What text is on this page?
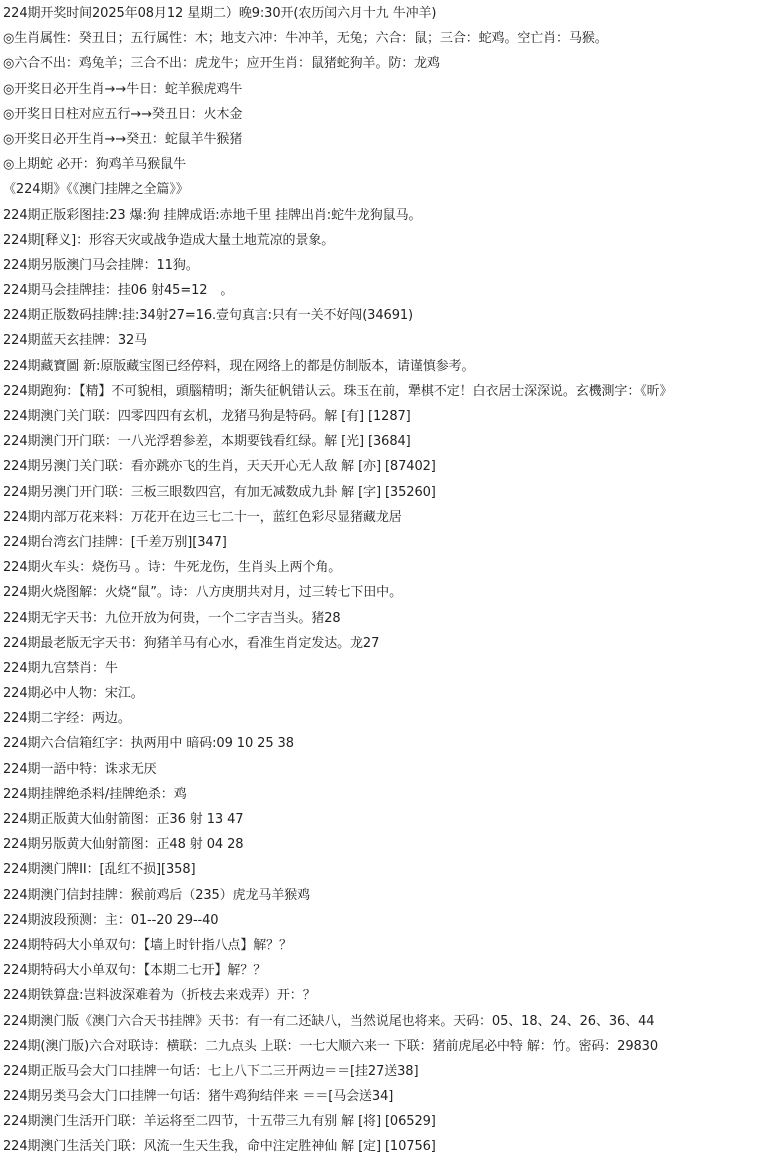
224期开奖时间2025年08月12 星期二）晚9:30开(农历闰六月十九 牛冲羊)
◎生肖属性：癸丑日；五行属性：木；地支六冲：牛冲羊，无兔；六合：鼠；三合：蛇鸡。空亡肖：马猴。
◎六合不出：鸡兔羊；三合不出：虎龙牛；应开生肖：鼠猪蛇狗羊。防：龙鸡
◎开奖日必开生肖→→牛日：蛇羊猴虎鸡牛
◎开奖日日柱对应五行→→癸丑日：火木金
◎开奖日必开生肖→→癸丑：蛇鼠羊牛猴猪
◎上期蛇 必开：狗鸡羊马猴鼠牛
《224期》《《澳门挂牌之全篇》》
224期正版彩图挂:23 爆:狗 挂牌成语:赤地千里 挂牌出肖:蛇牛龙狗鼠马。
224期[释义]：形容天灾或战争造成大量土地荒凉的景象。
224期另版澳门马会挂牌：11狗。
224期马会挂牌挂：挂06 射45=12　。
224期正版数码挂牌:挂:34射27=16.壹句真言:只有一关不好闯(34691)
224期蓝天玄挂牌：32马
224期藏寶圖 新:原版藏宝图已经停料，现在网络上的都是仿制版本，请谨慎参考。
224期跑狗：【精】不可貌相，頭腦精明；渐失征帆错认云。珠玉在前，犟棋不定！白衣居士深深说。玄機測字：《昕》
224期澳门关门联：四零四四有玄机，龙猪马狗是特码。解 [有] [1287]
224期澳门开门联：一八光浮碧参差，本期要钱看红绿。解 [光] [3684]
224期另澳门关门联：看亦跳亦飞的生肖，天天开心无人敌 解 [亦] [87402]
224期另澳门开门联：三板三眼数四宫，有加无减数成九卦 解 [字] [35260]
224期内部万花来料：万花开在边三七二十一，蓝红色彩尽显猪藏龙居
224期台湾玄门挂牌：[千差万别][347]
224期火车头：烧伤马 。诗：牛死龙伤，生肖头上两个角。
224期火烧图解：火烧“鼠”。诗：八方庚朋共对月，过三转七下田中。
224期无字天书：九位开放为何贵，一个二字吉当头。猪28
224期最老版无字天书：狗猪羊马有心水，看准生肖定发达。龙27
224期九宫禁肖：牛
224期必中人物：宋江。
224期二字经：两边。
224期六合信箱红字：执两用中 暗码:09 10 25 38
224期一語中特：诛求无厌
224期挂牌绝杀料/挂牌绝杀：鸡
224期正版黄大仙射箭图：正36 射 13 47
224期另版黄大仙射箭图：正48 射 04 28
224期澳门牌II：[乱红不损][358]
224期澳门信封挂牌：猴前鸡后（235）虎龙马羊猴鸡
224期波段预测：主：01--20 29--40
224期特码大小单双句：【墙上时针指八点】解？？
224期特码大小单双句：【本期二七开】解？？
224期铁算盘:岂料波深难着为（折枝去来戏弄）开：？
224期澳门版《澳门六合天书挂牌》天书：有一有二还缺八，当然说尾也将来。天码：05、18、24、26、36、44
224期(澳门版)六合对联诗：横联：二九点头 上联：一七大顺六来一 下联：猪前虎尾必中特 解：竹。密码：29830
224期正版马会大门口挂牌一句话：七上八下二三开两边＝＝[挂27送38]
224期另类马会大门口挂牌一句话：猪牛鸡狗结伴来 ＝＝[马会送34]
224期澳门生活开门联：羊运将至二四节，十五带三九有别 解 [将] [06529]
224期澳门生活关门联：风流一生天生我，命中注定胜神仙 解 [定] [10756]
